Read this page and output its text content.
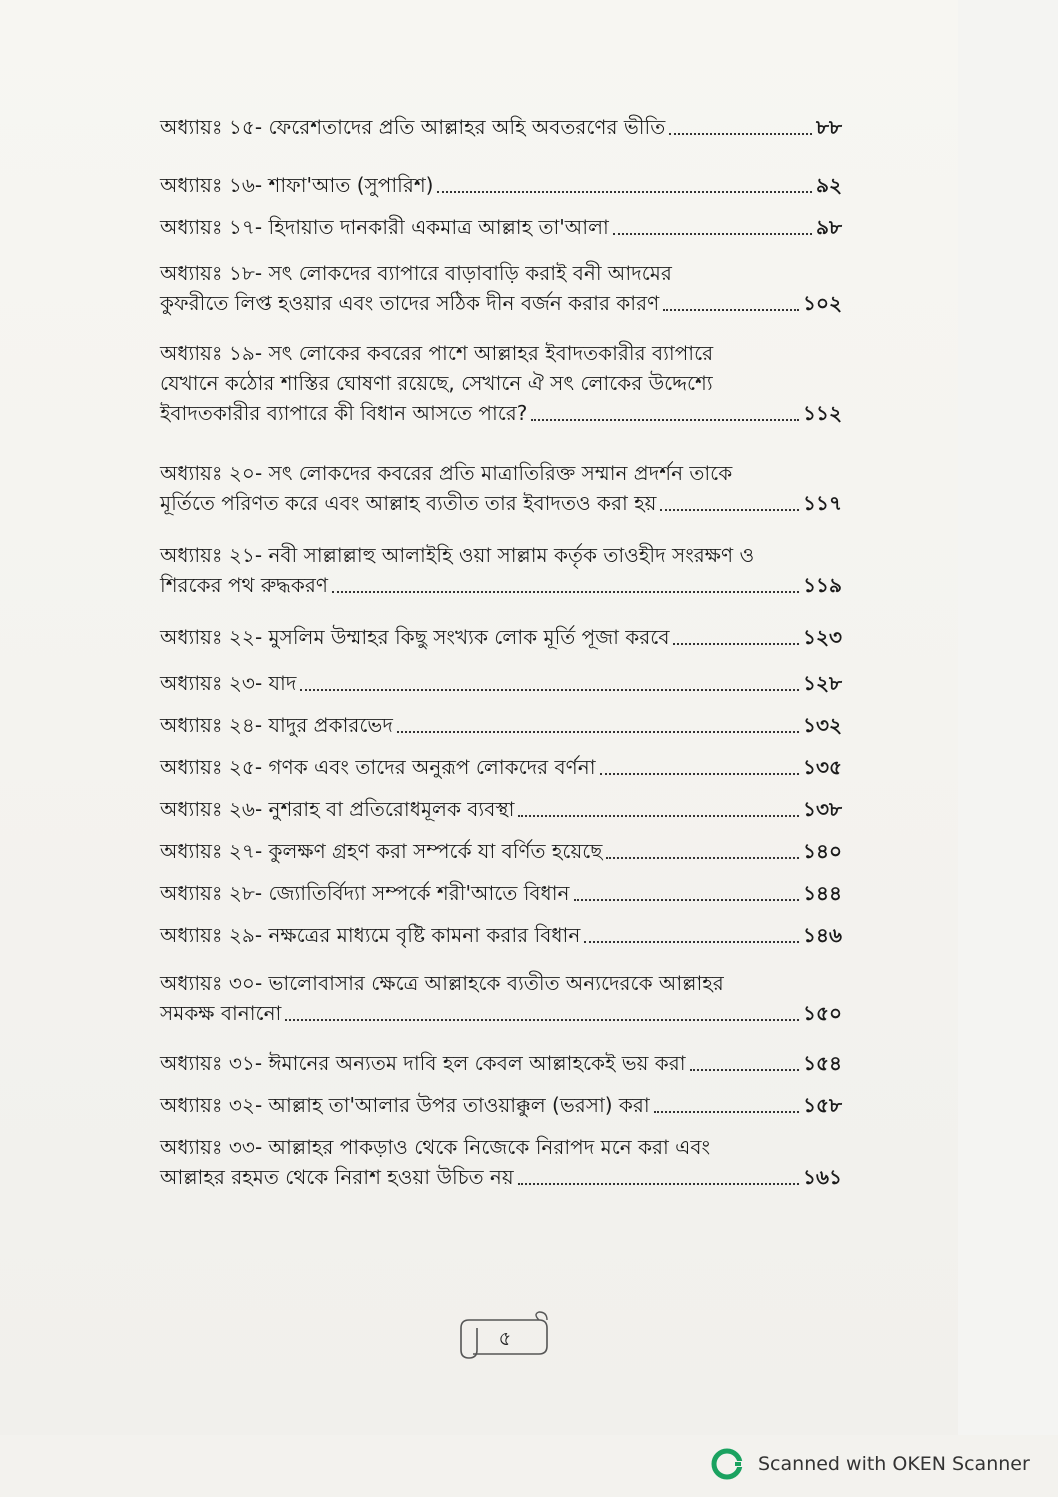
অধ্যায়ঃ ১৫- ফেরেশতাদের প্রতি আল্লাহর অহি অবতরণের ভীতি	৮৮
অধ্যায়ঃ ১৬- শাফা'আত (সুপারিশ)	৯২
অধ্যায়ঃ ১৭- হিদায়াত দানকারী একমাত্র আল্লাহ তা'আলা	৯৮
অধ্যায়ঃ ১৮- সৎ লোকদের ব্যাপারে বাড়াবাড়ি করাই বনী আদমের
কুফরীতে লিপ্ত হওয়ার এবং তাদের সঠিক দীন বর্জন করার কারণ	১০২
অধ্যায়ঃ ১৯- সৎ লোকের কবরের পাশে আল্লাহর ইবাদতকারীর ব্যাপারে
যেখানে কঠোর শাস্তির ঘোষণা রয়েছে, সেখানে ঐ সৎ লোকের উদ্দেশ্যে
ইবাদতকারীর ব্যাপারে কী বিধান আসতে পারে?	১১২
অধ্যায়ঃ ২০- সৎ লোকদের কবরের প্রতি মাত্রাতিরিক্ত সম্মান প্রদর্শন তাকে
মূর্তিতে পরিণত করে এবং আল্লাহ ব্যতীত তার ইবাদতও করা হয়	১১৭
অধ্যায়ঃ ২১- নবী সাল্লাল্লাহু আলাইহি ওয়া সাল্লাম কর্তৃক তাওহীদ সংরক্ষণ ও
শিরকের পথ রুদ্ধকরণ	১১৯
অধ্যায়ঃ ২২- মুসলিম উম্মাহর কিছু সংখ্যক লোক মূর্তি পূজা করবে	১২৩
অধ্যায়ঃ ২৩- যাদ	১২৮
অধ্যায়ঃ ২৪- যাদুর প্রকারভেদ	১৩২
অধ্যায়ঃ ২৫- গণক এবং তাদের অনুরূপ লোকদের বর্ণনা	১৩৫
অধ্যায়ঃ ২৬- নুশরাহ বা প্রতিরোধমূলক ব্যবস্থা	১৩৮
অধ্যায়ঃ ২৭- কুলক্ষণ গ্রহণ করা সম্পর্কে যা বর্ণিত হয়েছে	১৪০
অধ্যায়ঃ ২৮- জ্যোতির্বিদ্যা সম্পর্কে শরী'আতে বিধান	১৪৪
অধ্যায়ঃ ২৯- নক্ষত্রের মাধ্যমে বৃষ্টি কামনা করার বিধান	১৪৬
অধ্যায়ঃ ৩০- ভালোবাসার ক্ষেত্রে আল্লাহকে ব্যতীত অন্যদেরকে আল্লাহর
সমকক্ষ বানানো	১৫০
অধ্যায়ঃ ৩১- ঈমানের অন্যতম দাবি হল কেবল আল্লাহকেই ভয় করা	১৫৪
অধ্যায়ঃ ৩২- আল্লাহ তা'আলার উপর তাওয়াক্কুল (ভরসা) করা	১৫৮
অধ্যায়ঃ ৩৩- আল্লাহর পাকড়াও থেকে নিজেকে নিরাপদ মনে করা এবং
আল্লাহর রহমত থেকে নিরাশ হওয়া উচিত নয়	১৬১
৫
Scanned with OKEN Scanner
